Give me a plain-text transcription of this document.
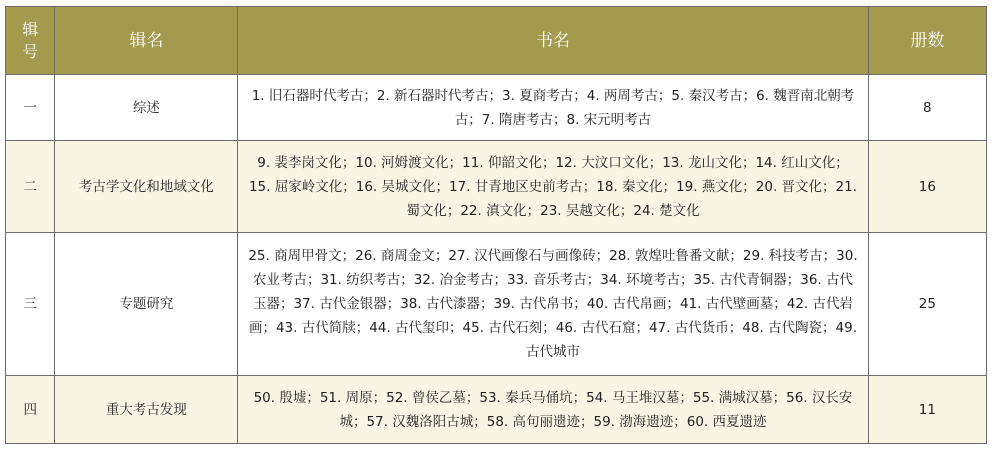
辑号	辑名	书名	册数
一	综述	1. 旧石器时代考古；2. 新石器时代考古；3. 夏商考古；4. 两周考古；5. 秦汉考古；6. 魏晋南北朝考古；7. 隋唐考古；8. 宋元明考古	8
二	考古学文化和地域文化	9. 裴李岗文化；10. 河姆渡文化；11. 仰韶文化；12. 大汶口文化；13. 龙山文化；14. 红山文化；15. 屈家岭文化；16. 吴城文化；17. 甘青地区史前考古；18. 秦文化；19. 燕文化；20. 晋文化；21. 蜀文化；22. 滇文化；23. 吴越文化；24. 楚文化	16
三	专题研究	25. 商周甲骨文；26. 商周金文；27. 汉代画像石与画像砖；28. 敦煌吐鲁番文献；29. 科技考古；30. 农业考古；31. 纺织考古；32. 冶金考古；33. 音乐考古；34. 环境考古；35. 古代青铜器；36. 古代玉器；37. 古代金银器；38. 古代漆器；39. 古代帛书；40. 古代帛画；41. 古代壁画墓；42. 古代岩画；43. 古代简牍；44. 古代玺印；45. 古代石刻；46. 古代石窟；47. 古代货币；48. 古代陶瓷；49. 古代城市	25
四	重大考古发现	50. 殷墟；51. 周原；52. 曾侯乙墓；53. 秦兵马俑坑；54. 马王堆汉墓；55. 满城汉墓；56. 汉长安城；57. 汉魏洛阳古城；58. 高句丽遗迹；59. 渤海遗迹；60. 西夏遗迹	11
